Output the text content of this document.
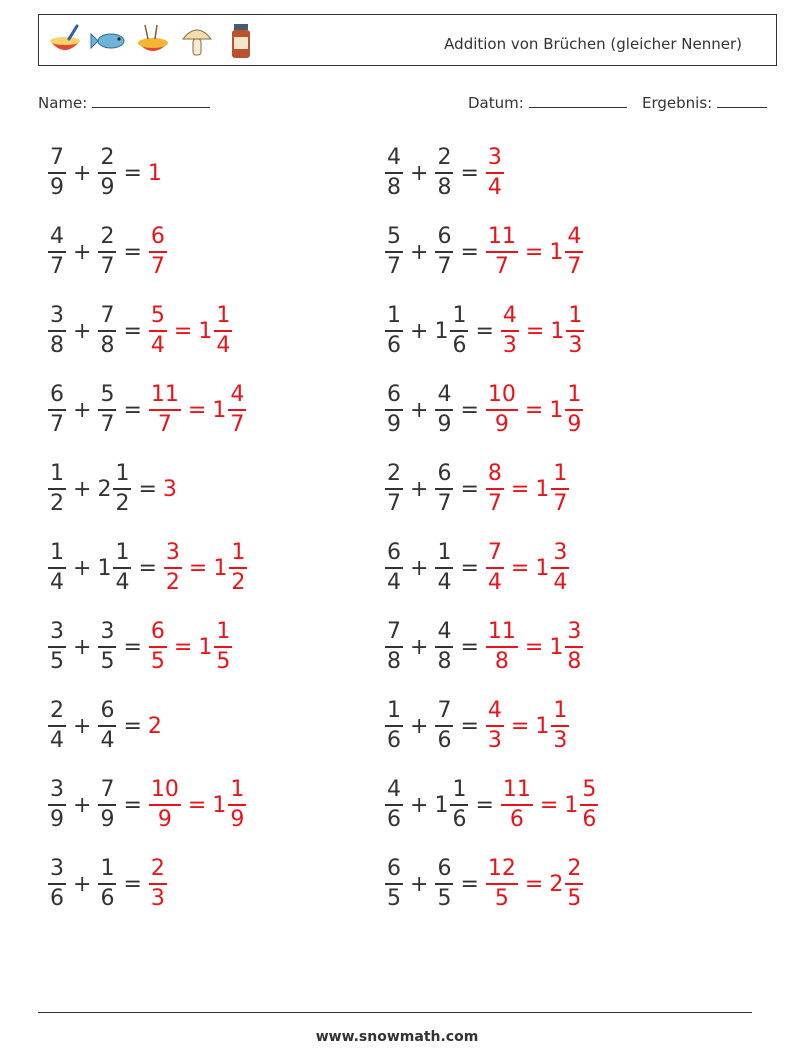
Addition von Brüchen (gleicher Nenner)
Name:	Datum:	Ergebnis:
$\frac{7}{9} + \frac{2}{9} = 1$	$\frac{4}{8} + \frac{2}{8} = \frac{3}{4}$
$\frac{4}{7} + \frac{2}{7} = \frac{6}{7}$	$\frac{5}{7} + \frac{6}{7} = \frac{11}{7} = 1 \frac{4}{7}$
$\frac{3}{8} + \frac{7}{8} = \frac{5}{4} = 1 \frac{1}{4}$	$\frac{1}{6} + 1 \frac{1}{6} = \frac{4}{3} = 1 \frac{1}{3}$
$\frac{6}{7} + \frac{5}{7} = \frac{11}{7} = 1 \frac{4}{7}$	$\frac{6}{9} + \frac{4}{9} = \frac{10}{9} = 1 \frac{1}{9}$
$\frac{1}{2} + 2 \frac{1}{2} = 3$	$\frac{2}{7} + \frac{6}{7} = \frac{8}{7} = 1 \frac{1}{7}$
$\frac{1}{4} + 1 \frac{1}{4} = \frac{3}{2} = 1 \frac{1}{2}$	$\frac{6}{4} + \frac{1}{4} = \frac{7}{4} = 1 \frac{3}{4}$
$\frac{3}{5} + \frac{3}{5} = \frac{6}{5} = 1 \frac{1}{5}$	$\frac{7}{8} + \frac{4}{8} = \frac{11}{8} = 1 \frac{3}{8}$
$\frac{2}{4} + \frac{6}{4} = 2$	$\frac{1}{6} + \frac{7}{6} = \frac{4}{3} = 1 \frac{1}{3}$
$\frac{3}{9} + \frac{7}{9} = \frac{10}{9} = 1 \frac{1}{9}$	$\frac{4}{6} + 1 \frac{1}{6} = \frac{11}{6} = 1 \frac{5}{6}$
$\frac{3}{6} + \frac{1}{6} = \frac{2}{3}$	$\frac{6}{5} + \frac{6}{5} = \frac{12}{5} = 2 \frac{2}{5}$
www.snowmath.com
